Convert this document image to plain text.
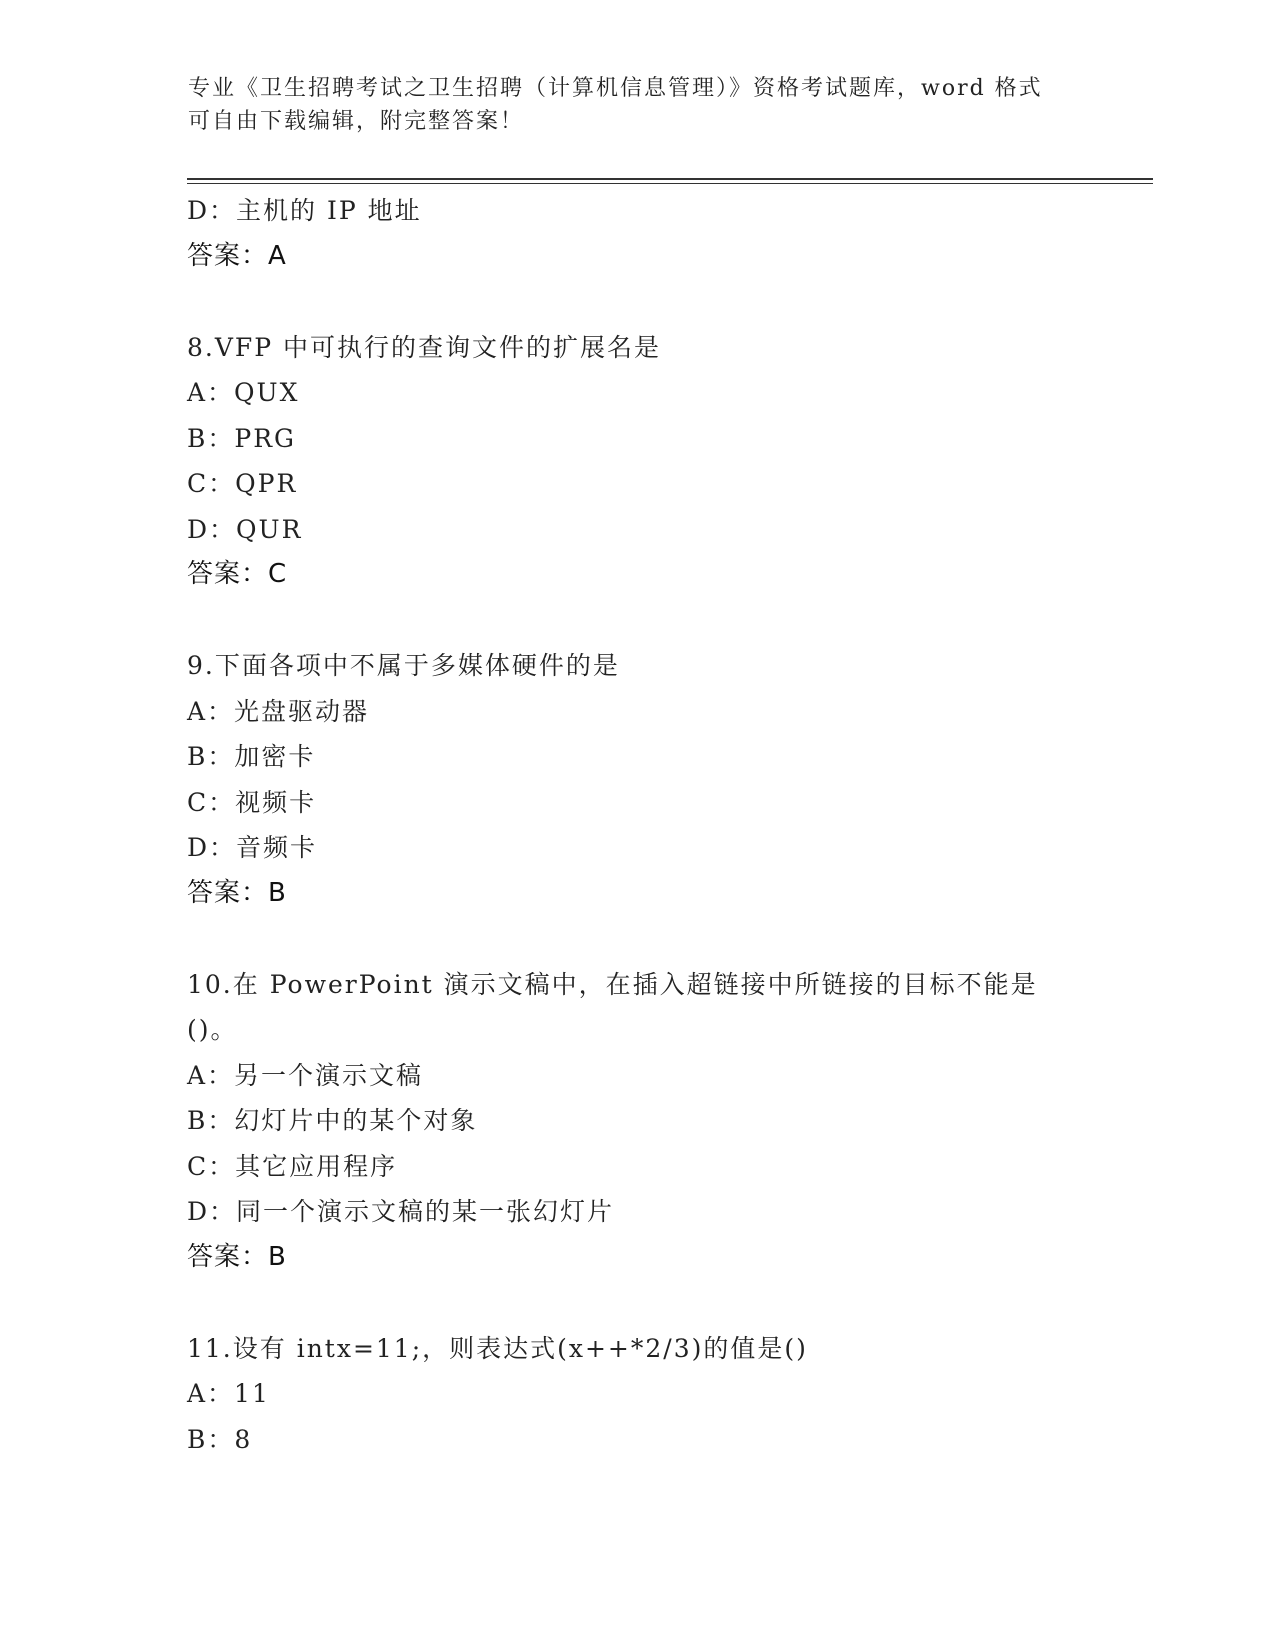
专业《卫生招聘考试之卫生招聘（计算机信息管理）》资格考试题库，word 格式
可自由下载编辑，附完整答案！
D：主机的 IP 地址
答案：A
8.VFP 中可执行的查询文件的扩展名是
A：QUX
B：PRG
C：QPR
D：QUR
答案：C
9.下面各项中不属于多媒体硬件的是
A：光盘驱动器
B：加密卡
C：视频卡
D：音频卡
答案：B
10.在 PowerPoint 演示文稿中，在插入超链接中所链接的目标不能是
()。
A：另一个演示文稿
B：幻灯片中的某个对象
C：其它应用程序
D：同一个演示文稿的某一张幻灯片
答案：B
11.设有 intx=11;，则表达式(x++*2/3)的值是()
A：11
B：8
